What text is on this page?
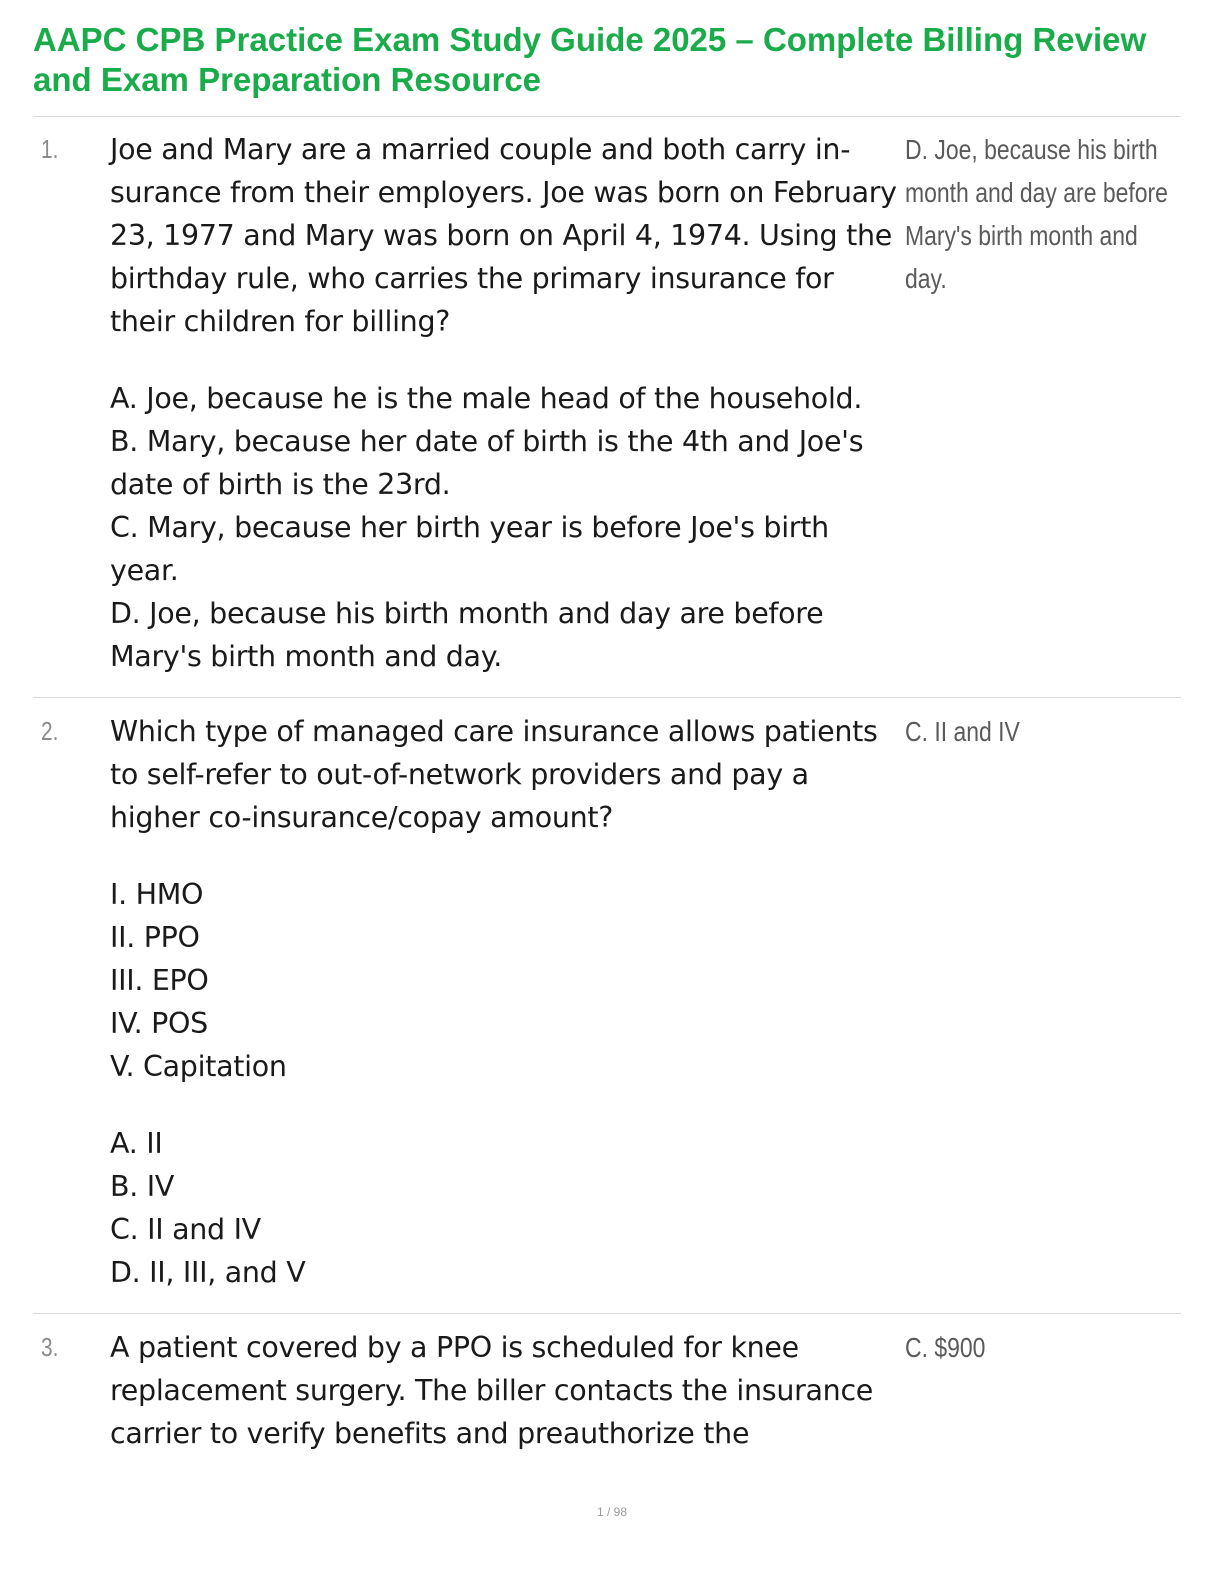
AAPC CPB Practice Exam Study Guide 2025 – Complete Billing Review and Exam Preparation Resource
1. Joe and Mary are a married couple and both carry insurance from their employers. Joe was born on February 23, 1977 and Mary was born on April 4, 1974. Using the birthday rule, who carries the primary insurance for their children for billing?

A. Joe, because he is the male head of the household.

B. Mary, because her date of birth is the 4th and Joe's date of birth is the 23rd.

C. Mary, because her birth year is before Joe's birth year.

D. Joe, because his birth month and day are before Mary's birth month and day.

D. Joe, because his birth month and day are before Mary's birth month and day.
2. Which type of managed care insurance allows patients to self-refer to out-of-network providers and pay a higher co-insurance/copay amount?

I. HMO

II. PPO

III. EPO

IV. POS

V. Capitation

A. II

B. IV

C. II and IV

D. II, III, and V

C. II and IV
3. A patient covered by a PPO is scheduled for knee replacement surgery. The biller contacts the insurance carrier to verify benefits and preauthorize the

C. $900
1 / 98
